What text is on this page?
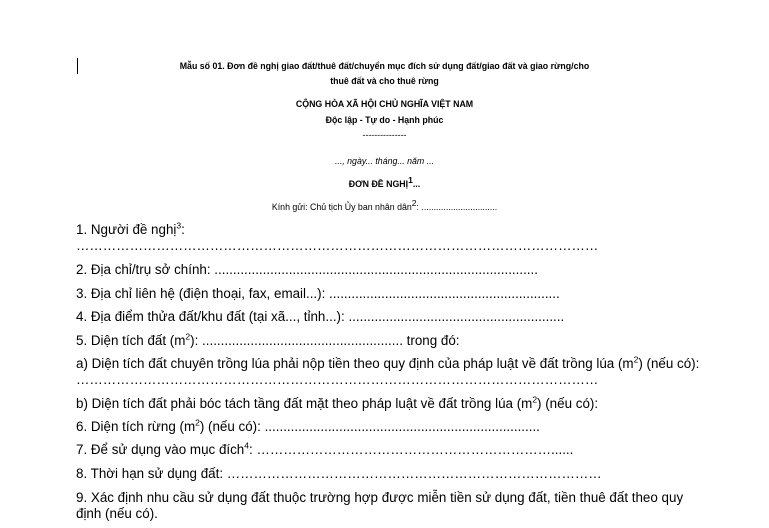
Mẫu số 01. Đơn đề nghị giao đất/thuê đất/chuyển mục đích sử dụng đất/giao đất và giao rừng/cho
thuê đất và cho thuê rừng
CỘNG HÒA XÃ HỘI CHỦ NGHĨA VIỆT NAM
Độc lập - Tự do - Hạnh phúc
---------------
..., ngày... tháng... năm ...
ĐƠN ĐỀ NGHỊ$^1$...
Kính gửi: Chủ tịch Ủy ban nhân dân$^2$: ...............................
1. Người đề nghị$^3$:
………………………………………………………………………………………………………
2. Địa chỉ/trụ sở chính: .......................................................................................
3. Địa chỉ liên hệ (điện thoại, fax, email...): ..............................................................
4. Địa điểm thửa đất/khu đất (tại xã..., tỉnh...): ..........................................................
5. Diện tích đất $(m^2)$: ...................................................... trong đó:
a) Diện tích đất chuyên trồng lúa phải nộp tiền theo quy định của pháp luật về đất trồng lúa $(m^2)$ (nếu có):
………………………………………………………………………………………………………
b) Diện tích đất phải bóc tách tầng đất mặt theo pháp luật về đất trồng lúa $(m^2)$ (nếu có):
6. Diện tích rừng $(m^2)$ (nếu có): ..........................................................................
7. Để sử dụng vào mục đích$^4$: …………………………………………………………......
8. Thời hạn sử dụng đất: …………………………………………………………………………
9. Xác định nhu cầu sử dụng đất thuộc trường hợp được miễn tiền sử dụng đất, tiền thuê đất theo quy
định (nếu có).
